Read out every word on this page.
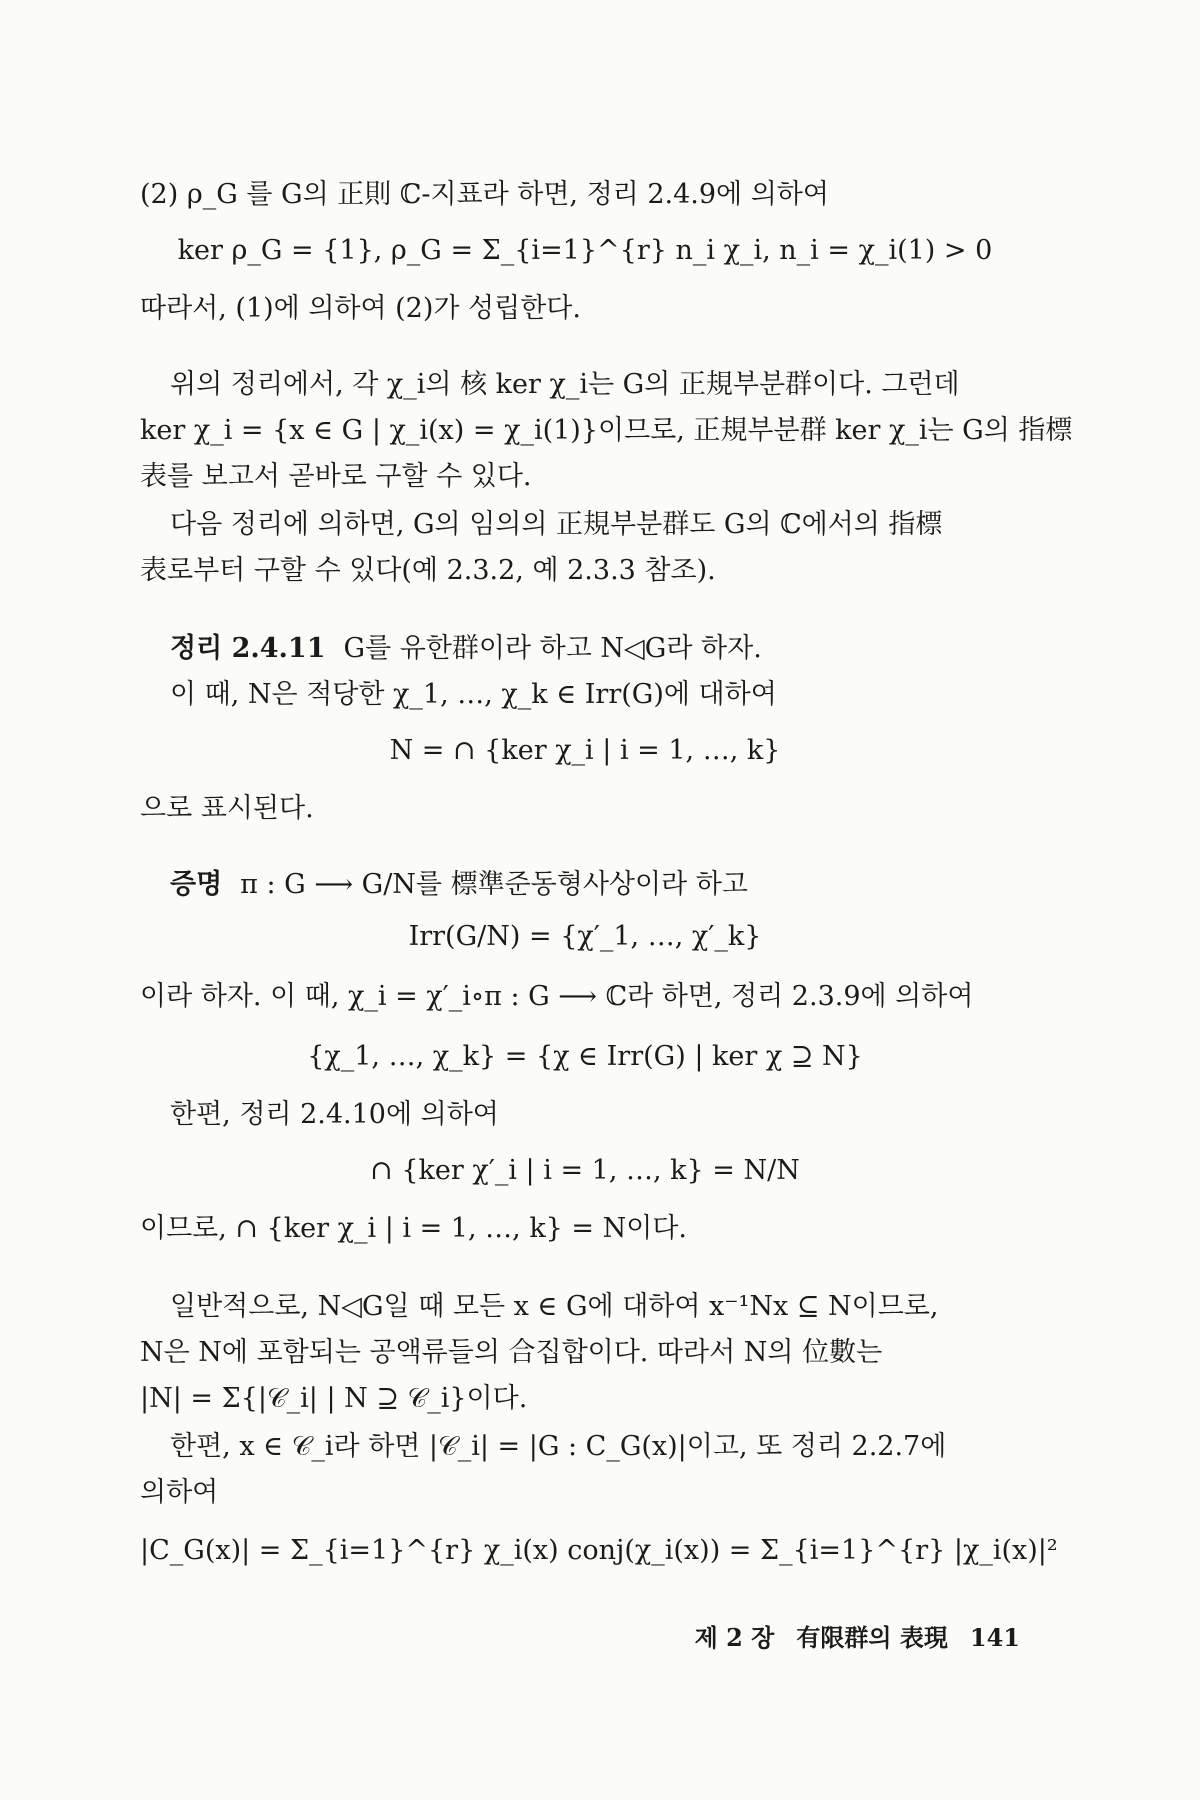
(2) ρ_G 를 G의 正則 ℂ-지표라 하면, 정리 2.4.9에 의하여
ker ρ_G = {1}, ρ_G = Σ_{i=1}^{r} n_i χ_i, n_i = χ_i(1) > 0
따라서, (1)에 의하여 (2)가 성립한다.
위의 정리에서, 각 χ_i의 核 ker χ_i는 G의 正規부분群이다. 그런데
ker χ_i = {x ∈ G | χ_i(x) = χ_i(1)}이므로, 正規부분群 ker χ_i는 G의 指標
表를 보고서 곧바로 구할 수 있다.
다음 정리에 의하면, G의 임의의 正規부분群도 G의 ℂ에서의 指標
表로부터 구할 수 있다(예 2.3.2, 예 2.3.3 참조).
정리 2.4.11 G를 유한群이라 하고 N◁G라 하자.
이 때, N은 적당한 χ_1, …, χ_k ∈ Irr(G)에 대하여
N = ∩ {ker χ_i | i = 1, …, k}
으로 표시된다.
증명 π : G ⟶ G/N를 標準준동형사상이라 하고
Irr(G/N) = {χ′_1, …, χ′_k}
이라 하자. 이 때, χ_i = χ′_i∘π : G ⟶ ℂ라 하면, 정리 2.3.9에 의하여
{χ_1, …, χ_k} = {χ ∈ Irr(G) | ker χ ⊇ N}
한편, 정리 2.4.10에 의하여
∩ {ker χ′_i | i = 1, …, k} = N/N
이므로, ∩ {ker χ_i | i = 1, …, k} = N이다.
일반적으로, N◁G일 때 모든 x ∈ G에 대하여 x⁻¹Nx ⊆ N이므로,
N은 N에 포함되는 공액류들의 合집합이다. 따라서 N의 位數는
|N| = Σ{|𝒞_i| | N ⊇ 𝒞_i}이다.
한편, x ∈ 𝒞_i라 하면 |𝒞_i| = |G : C_G(x)|이고, 또 정리 2.2.7에
의하여
|C_G(x)| = Σ_{i=1}^{r} χ_i(x) conj(χ_i(x)) = Σ_{i=1}^{r} |χ_i(x)|²
제 2 장 有限群의 表現 141
